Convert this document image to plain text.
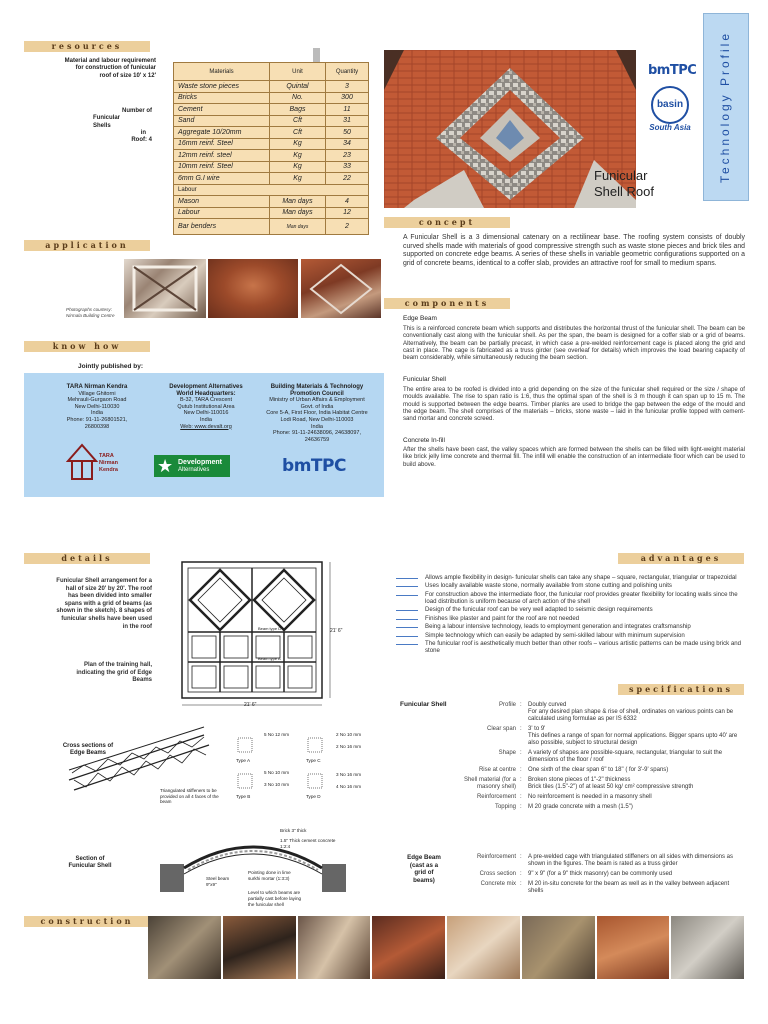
Technology Profile
resources
Material and labour requirement for construction of funicular roof of size 10' x 12'
Number of
Funicular
Shells
in
Roof: 4
Materials	Unit	Quantity
Waste stone pieces	Quintal	3
Bricks	No.	300
Cement	Bags	11
Sand	Cft	31
Aggregate 10/20mm	Cft	50
16mm reinf. Steel	Kg	34
12mm reinf. steel	Kg	23
10mm reinf. Steel	Kg	33
6mm G.I wire	Kg	22
Labour		
Mason	Man days	4
Labour	Man days	12
Bar benders	Man days	2
bmTPC
basin
South Asia
Funicular
Shell Roof
concept
A Funicular Shell is a 3 dimensional catenary on a rectilinear base. The roofing system consists of doubly curved shells made with materials of good compressive strength such as waste stone pieces and brick tiles and supported on concrete edge beams. A series of these shells in variable geometric configurations supported on a grid of concrete beams, identical to a coffer slab, provides an attractive roof for small to medium spans.
application
Photographs courtesy: Nirmala Building Centre
components
Edge Beam
This is a reinforced concrete beam which supports and distributes the horizontal thrust of the funicular shell. The beam can be conventionally cast along with the funicular shell. As per the span, the beam is designed for a coffer slab or a grid of beams. Alternatively, the beam can be partially precast, in which case a pre-welded reinforcement cage is placed along the grid and cast in place. The cage is fabricated as a truss girder (see overleaf for details) which improves the load bearing capacity of beam considerably, while simultaneously reducing the beam section.
Funicular Shell
The entire area to be roofed is divided into a grid depending on the size of the funicular shell required or the size / shape of moulds available. The rise to span ratio is 1:6, thus the optimal span of the shell is 3 m though it can span up to 15 m. The mould is supported between the edge beams. Timber planks are used to bridge the gap between the edge of the mould and the edge beam. The shell comprises of the materials – bricks, stone waste – laid in the funicular profile topped with cement-sand mortar and concrete screed.
Concrete In-fill
After the shells have been cast, the valley spaces which are formed between the shells can be filled with light-weight material like brick jelly lime concrete and thermal fill. The infill will enable the construction of an intermediate floor which can be used to build above.
know how
Jointly published by:
TARA Nirman Kendra
Village Ghitorni
Mehrauli-Gurgaon Road
New Delhi-110030
India
Phone: 91-11-26801521,
26800398
TARA Nirman Kendra
Development Alternatives
World Headquarters:
B-32, TARA Crescent
Qutub Institutional Area
New Delhi-110016
India
Web: www.devalt.org
★ Development
Alternatives
Building Materials & Technology
Promotion Council
Ministry of Urban Affairs & Employment
Govt. of India
Core 5-A, First Floor, India Habitat Centre
Lodi Road, New Delhi-110003
India
Phone: 91-11-24638096, 24638097,
24636759
bmTPC
details
Funicular Shell arrangement for a hall of size 20' by 20'. The roof has been divided into smaller spans with a grid of beams (as shown in the sketch). 8 shapes of funicular shells have been used in the roof
Plan of the training hall, indicating the grid of Edge Beams
Beam type D
Beam type A
21' 6"
21' 6"
Cross sections of Edge Beams
Triangulated stiffeners to be provided on all 4 faces of the beam
Type A	Type C
Type B	Type D
5 No 12 mm
3 No 10 mm
2 No 10 mm
2 No 16 mm
3 No 16 mm
4 No 16 mm
5 No 10 mm
Section of Funicular Shell
Brick 3" thick
1.5" Thick cement concrete 1:2:4
Steel beam 9"x9"
Pointing done in lime surkhi mortar (1:3:3)
Level to which beams are partially cast before laying the funicular shell
advantages
Allows ample flexibility in design- funicular shells can take any shape – square, rectangular, triangular or trapezoidal
Uses locally available waste stone, normally available from stone cutting and polishing units
For construction above the intermediate floor, the funicular roof provides greater flexibility for locating walls since the load distribution is uniform because of arch action of the shell
Design of the funicular roof can be very well adapted to seismic design requirements
Finishes like plaster and paint for the roof are not needed
Being a labour intensive technology, leads to employment generation and integrates craftsmanship
Simple technology which can easily be adapted by semi-skilled labour with minimum supervision
The funicular roof is aesthetically much better than other roofs – various artistic patterns can be made using brick and stone
specifications
Funicular Shell	Profile :	Doubly curved
For any desired plan shape & rise of shell, ordinates on various points can be calculated using formulae as per IS 6332
Clear span :	3' to 9'
This defines a range of span for normal applications. Bigger spans upto 40' are also possible, subject to structural design
Shape :	A variety of shapes are possible-square, rectangular, triangular to suit the dimensions of the floor / roof
Rise at centre :	One sixth of the clear span 6" to 18" ( for 3'-9' spans)
Shell material (for a masonry shell)
:	Broken stone pieces of 1"-2" thickness
Brick tiles (1.5"-2") of at least 50 kg/ cm² compressive strength
Reinforcement :	No reinforcement is needed in a masonry shell
Topping :	M 20 grade concrete with a mesh (1.5")
Edge Beam (cast as a grid of beams)
Reinforcement :	A pre-welded cage with triangulated stiffeners on all sides with dimensions as shown in the figures. The beam is rated as a truss girder
Cross section :	9" x 9" (for a 9" thick masonry) can be commonly used
Concrete mix :	M 20 in-situ concrete for the beam as well as in the valley between adjacent shells
construction
